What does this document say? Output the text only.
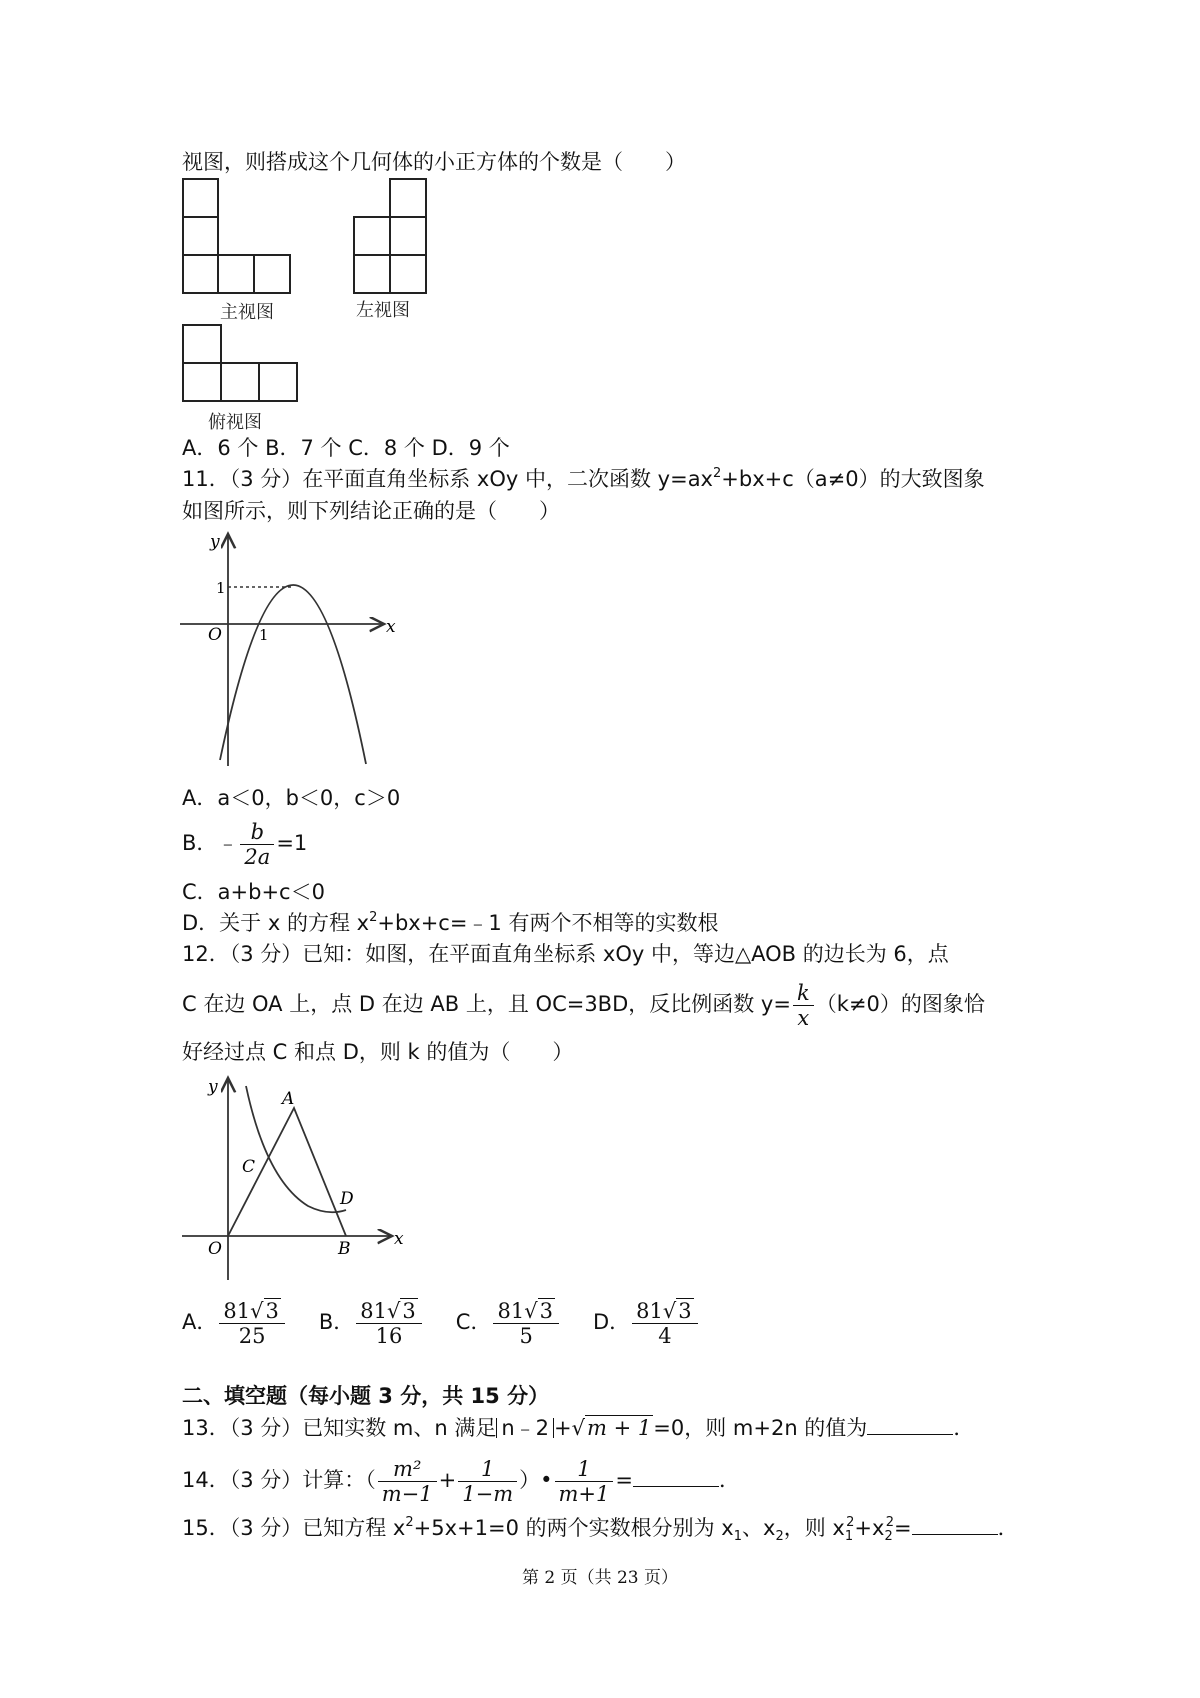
视图，则搭成这个几何体的小正方体的个数是（　　）
主视图	左视图
俯视图
A．6 个 B．7 个 C．8 个 D．9 个
11．（3 分）在平面直角坐标系 xOy 中，二次函数 $y=ax^2+bx+c(a\ne 0)$的大致图象
如图所示，则下列结论正确的是（　　）
y
x
O
1
1
A．a＜0，b＜0，c＞0
B．﹣ $\frac{b}{2a} =1$
C．a+b+c＜0
D．关于 x 的方程 $x^2+bx+c=﹣1$ 有两个不相等的实数根
12．（3 分）已知：如图，在平面直角坐标系 xOy 中，等边△AOB 的边长为 6，点
C 在边 OA 上，点 D 在边 AB 上，且 OC=3BD，反比例函数 $y= \frac{k}{x} (k\ne 0)$的图象恰
好经过点 C 和点 D，则 k 的值为（　　）
y
x
O
A
B
C
D
A． $\frac{81√3}{25}$ B． $\frac{81√3}{16}$ C． $\frac{81√3}{5}$ D． $\frac{81√3}{4}$
二、填空题（每小题 3 分，共 15 分）
13．（3 分）已知实数 m、n 满足 n﹣2 +√m + 1=0，则 m+2n 的值为	．
14．（3 分）计算：（ $\frac{\text{m²}}{m-1} + \frac{1}{1-m}$ ）• $\frac{1}{m+1}$ =	．
15．（3 分）已知方程 $x^2+5x+1=0$ 的两个实数根分别为 $x_1$、$x_2$，则 $x_1^2+x_2^2=$	．
第 2 页（共 23 页）
